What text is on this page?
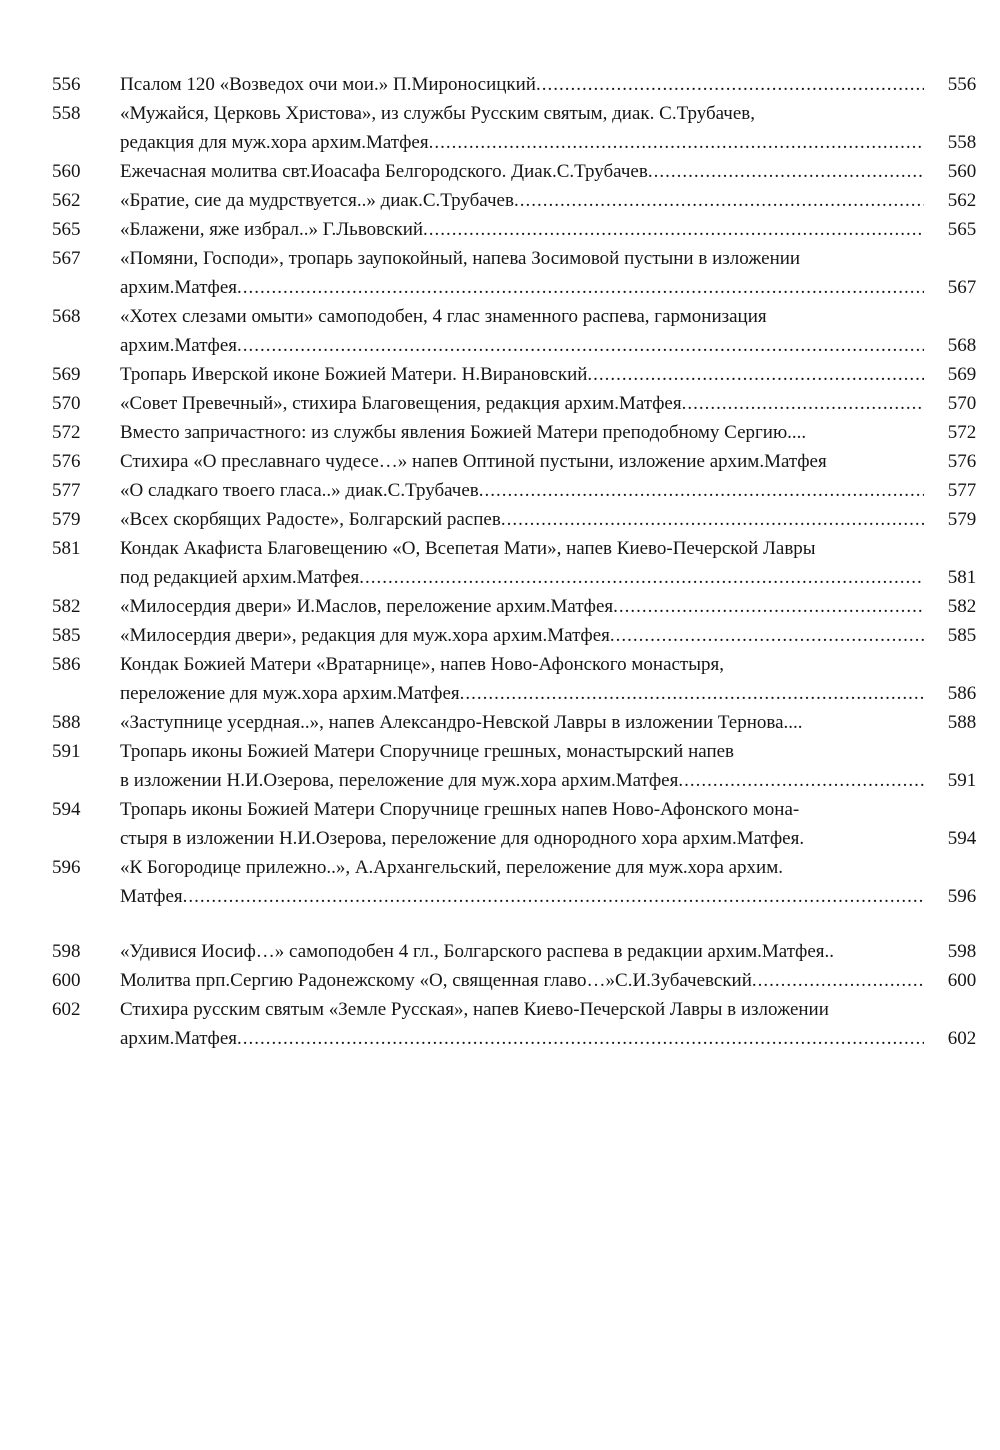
556	Псалом 120 «Возведох очи мои.» П.Мироносицкий .....	556
558	«Мужайся, Церковь Христова», из службы Русским святым, диак. С.Трубачев,
редакция для муж.хора архим.Матфея .....	558
560	Ежечасная молитва свт.Иоасафа Белгородского. Диак.С.Трубачев .....	560
562	«Братие, сие да мудрствуется..» диак.С.Трубачев .....	562
565	«Блажени, яже избрал..» Г.Львовский .....	565
567	«Помяни, Господи», тропарь заупокойный, напева Зосимовой пустыни в изложении
архим.Матфея .....	567
568	«Хотех слезами омыти» самоподобен, 4 глас знаменного распева, гармонизация
архим.Матфея .....	568
569	Тропарь Иверской иконе Божией Матери. Н.Вирановский .....	569
570	«Совет Превечный», стихира Благовещения, редакция архим.Матфея .....	570
572	Вместо запричастного: из службы явления Божией Матери преподобному Сергию....	572
576	Стихира «О преславнаго чудесе…» напев Оптиной пустыни, изложение архим.Матфея	576
577	«О сладкаго твоего гласа..» диак.С.Трубачев .....	577
579	«Всех скорбящих Радосте», Болгарский распев .....	579
581	Кондак Акафиста Благовещению «О, Всепетая Мати», напев Киево-Печерской Лавры
под редакцией архим.Матфея .....	581
582	«Милосердия двери» И.Маслов, переложение архим.Матфея .....	582
585	«Милосердия двери», редакция для муж.хора архим.Матфея .....	585
586	Кондак Божией Матери «Вратарнице», напев Ново-Афонского монастыря,
переложение для муж.хора архим.Матфея .....	586
588	«Заступнице усердная..», напев Александро-Невской Лавры в изложении Тернова....	588
591	Тропарь иконы Божией Матери Споручнице грешных, монастырский напев
в изложении Н.И.Озерова, переложение для муж.хора архим.Матфея .....	591
594	Тропарь иконы Божией Матери Споручнице грешных напев Ново-Афонского мона-
стыря в изложении Н.И.Озерова, переложение для однородного хора архим.Матфея.	594
596	«К Богородице прилежно..», А.Архангельский, переложение для муж.хора архим.
Матфея .....	596
598	«Удивися Иосиф…» самоподобен 4 гл., Болгарского распева в редакции архим.Матфея..	598
600	Молитва прп.Сергию Радонежскому «О, священная главо…»С.И.Зубачевский .....	600
602	Стихира русским святым «Земле Русская», напев Киево-Печерской Лавры в изложении
архим.Матфея .....	602
